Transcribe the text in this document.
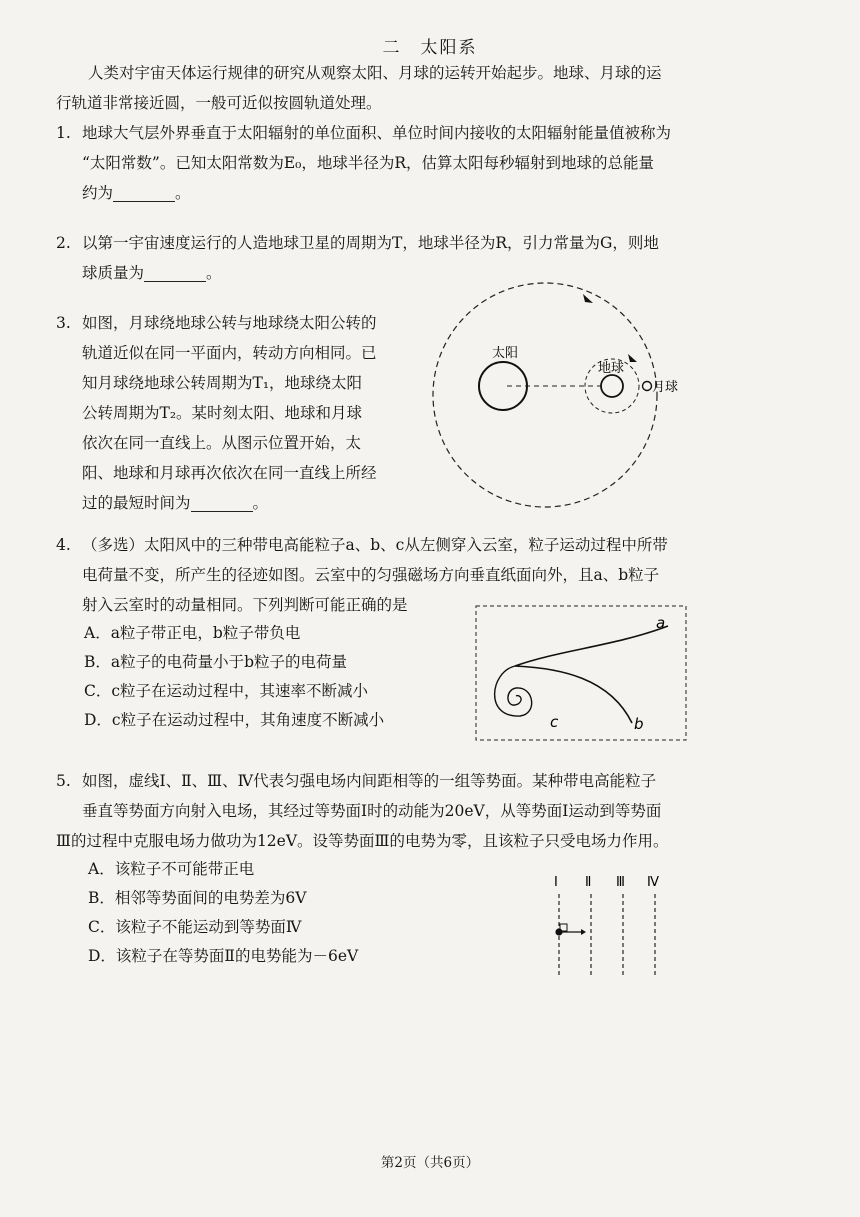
二　太阳系
人类对宇宙天体运行规律的研究从观察太阳、月球的运转开始起步。地球、月球的运
行轨道非常接近圆，一般可近似按圆轨道处理。
1. 地球大气层外界垂直于太阳辐射的单位面积、单位时间内接收的太阳辐射能量值被称为
“太阳常数”。已知太阳常数为E₀，地球半径为R，估算太阳每秒辐射到地球的总能量
约为	。
2. 以第一宇宙速度运行的人造地球卫星的周期为T，地球半径为R，引力常量为G，则地
球质量为	。
3. 如图，月球绕地球公转与地球绕太阳公转的
轨道近似在同一平面内，转动方向相同。已
知月球绕地球公转周期为T₁，地球绕太阳
公转周期为T₂。某时刻太阳、地球和月球
依次在同一直线上。从图示位置开始，太
阳、地球和月球再次依次在同一直线上所经
过的最短时间为	。
太阳
地球
月球
4. （多选）太阳风中的三种带电高能粒子a、b、c从左侧穿入云室，粒子运动过程中所带
电荷量不变，所产生的径迹如图。云室中的匀强磁场方向垂直纸面向外，且a、b粒子
射入云室时的动量相同。下列判断可能正确的是
A．a粒子带正电，b粒子带负电
B．a粒子的电荷量小于b粒子的电荷量
C．c粒子在运动过程中，其速率不断减小
D．c粒子在运动过程中，其角速度不断减小
a
b
c
5. 如图，虚线Ⅰ、Ⅱ、Ⅲ、Ⅳ代表匀强电场内间距相等的一组等势面。某种带电高能粒子
垂直等势面方向射入电场，其经过等势面Ⅰ时的动能为20eV，从等势面Ⅰ运动到等势面
Ⅲ的过程中克服电场力做功为12eV。设等势面Ⅲ的电势为零，且该粒子只受电场力作用。
A．该粒子不可能带正电
B．相邻等势面间的电势差为6V
C．该粒子不能运动到等势面Ⅳ
D．该粒子在等势面Ⅱ的电势能为－6eV
Ⅰ Ⅱ Ⅲ Ⅳ
第2页（共6页）
